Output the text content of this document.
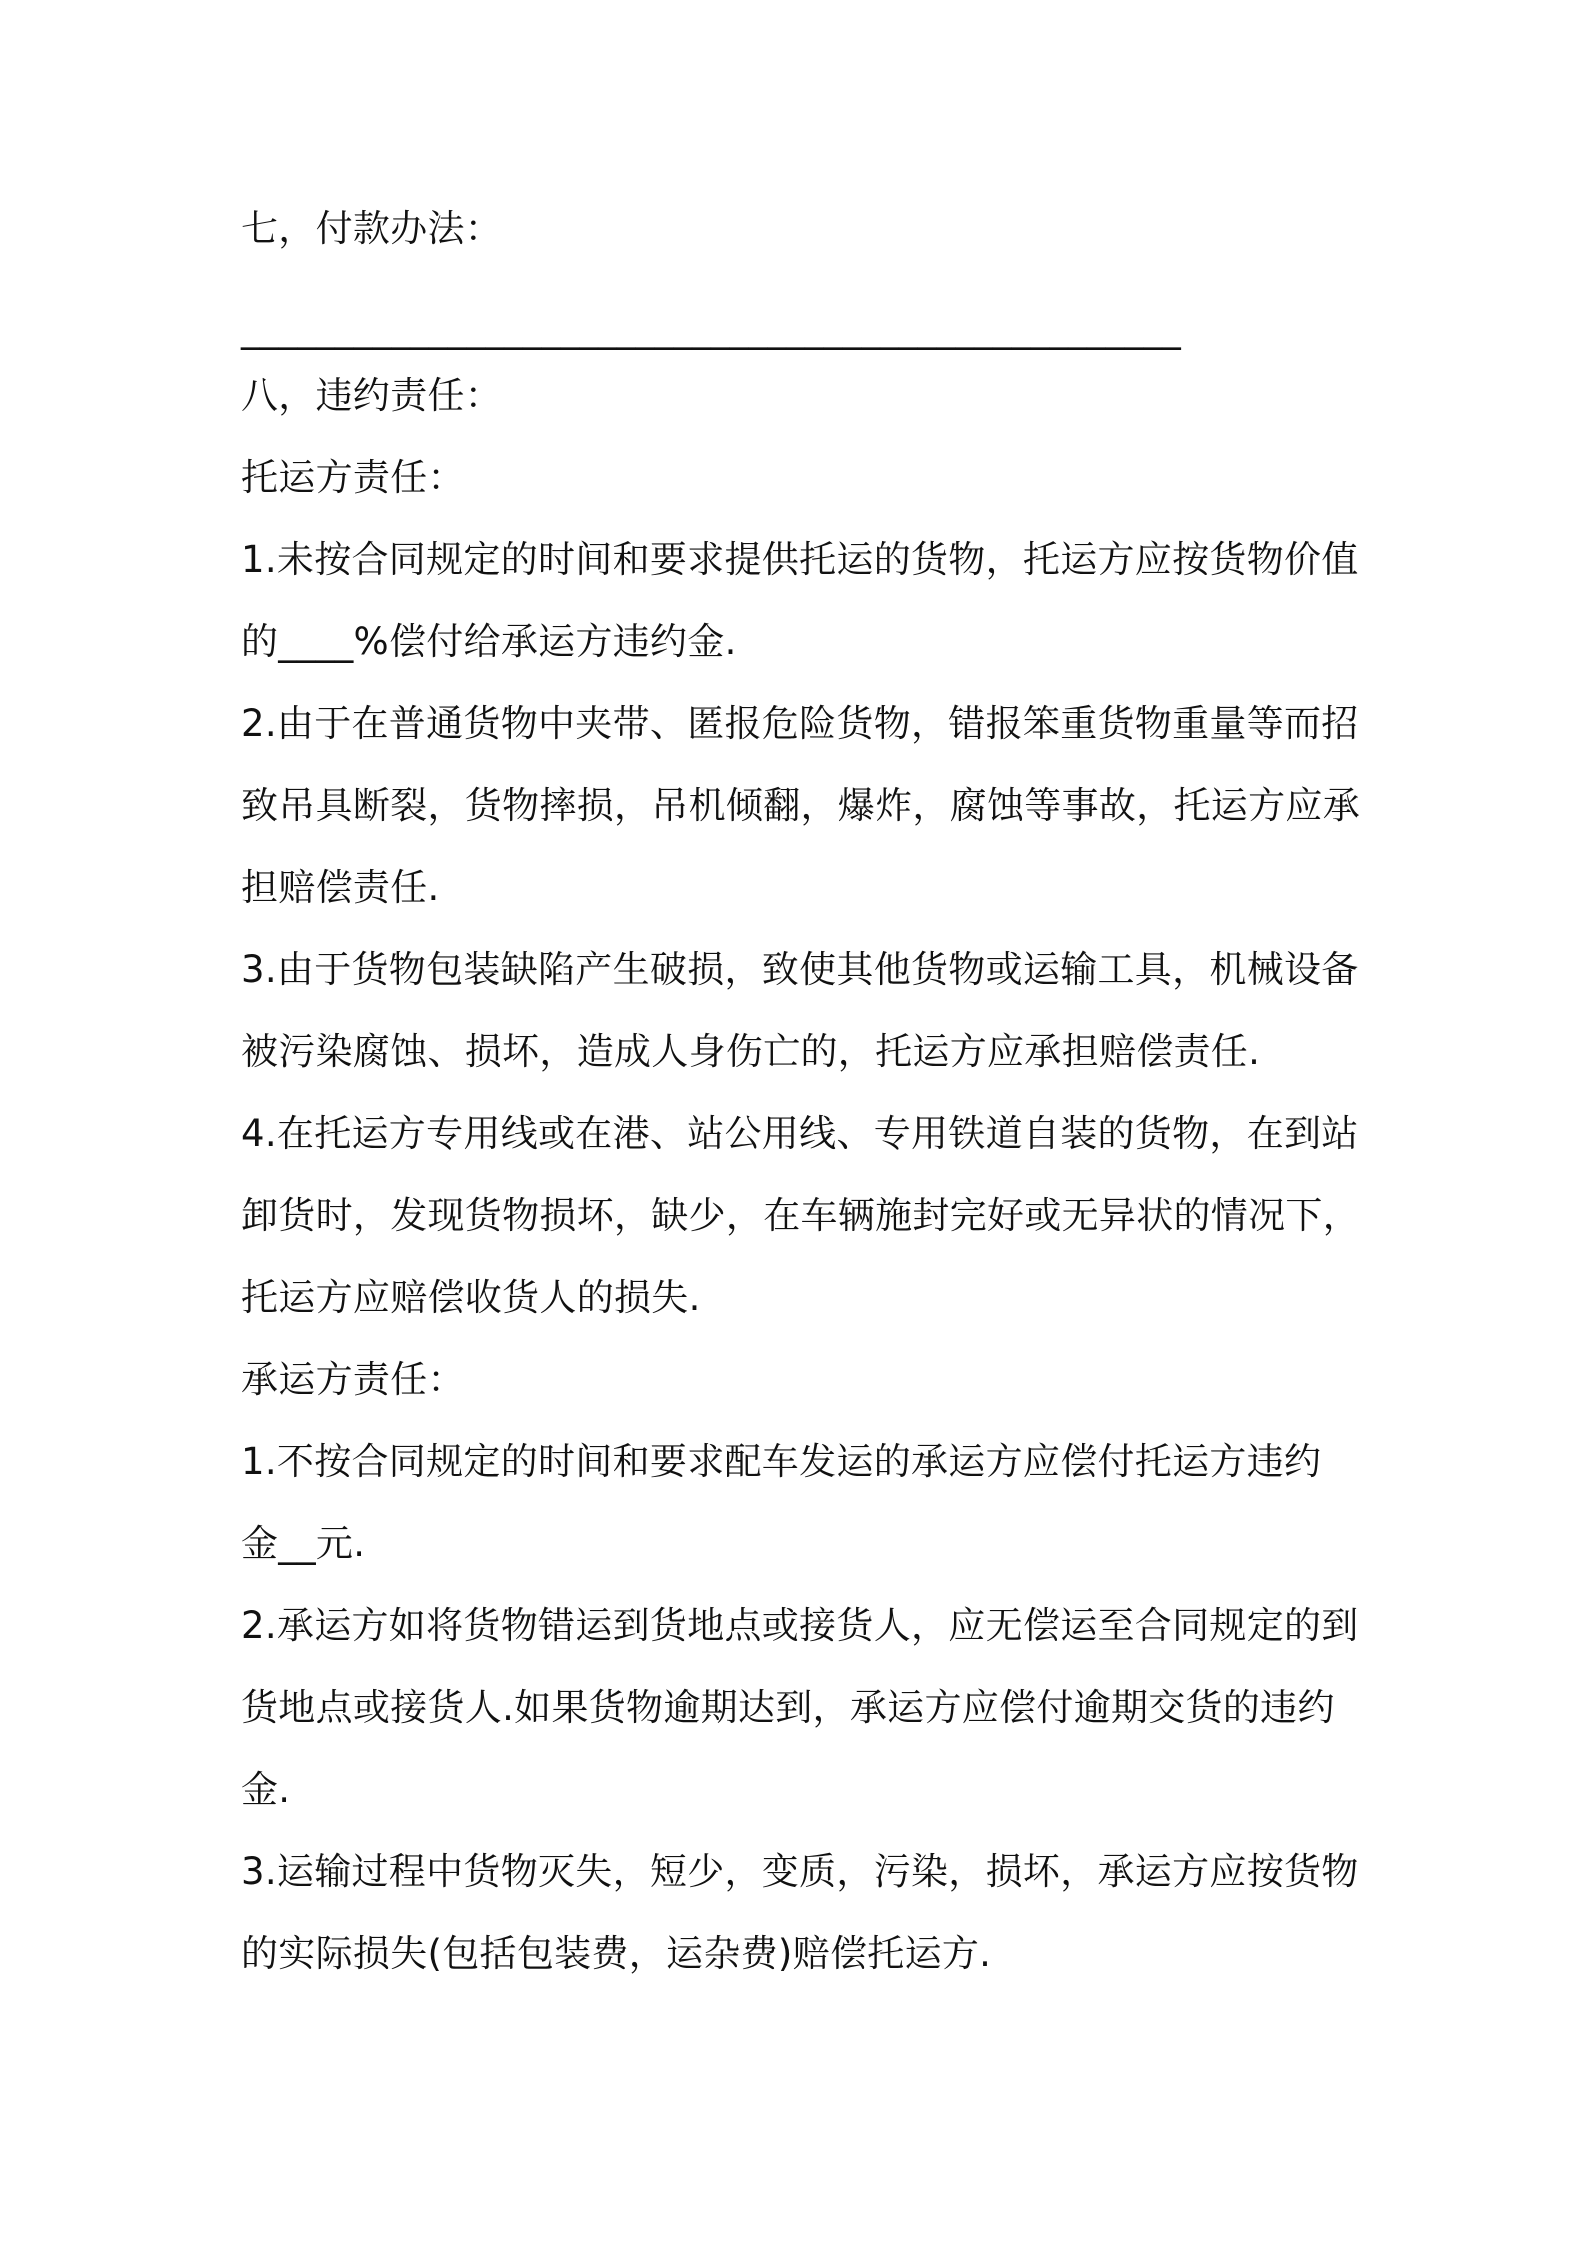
七，付款办法：

__________________________________________________

八，违约责任：

托运方责任：

1.未按合同规定的时间和要求提供托运的货物，托运方应按货物价值

的____%偿付给承运方违约金.

2.由于在普通货物中夹带、匿报危险货物，错报笨重货物重量等而招

致吊具断裂，货物摔损，吊机倾翻，爆炸，腐蚀等事故，托运方应承

担赔偿责任.

3.由于货物包装缺陷产生破损，致使其他货物或运输工具，机械设备

被污染腐蚀、损坏，造成人身伤亡的，托运方应承担赔偿责任.

4.在托运方专用线或在港、站公用线、专用铁道自装的货物，在到站

卸货时，发现货物损坏，缺少，在车辆施封完好或无异状的情况下，

托运方应赔偿收货人的损失.

承运方责任：

1.不按合同规定的时间和要求配车发运的承运方应偿付托运方违约

金__元.

2.承运方如将货物错运到货地点或接货人，应无偿运至合同规定的到

货地点或接货人.如果货物逾期达到，承运方应偿付逾期交货的违约

金.

3.运输过程中货物灭失，短少，变质，污染，损坏，承运方应按货物

的实际损失(包括包装费，运杂费)赔偿托运方.
